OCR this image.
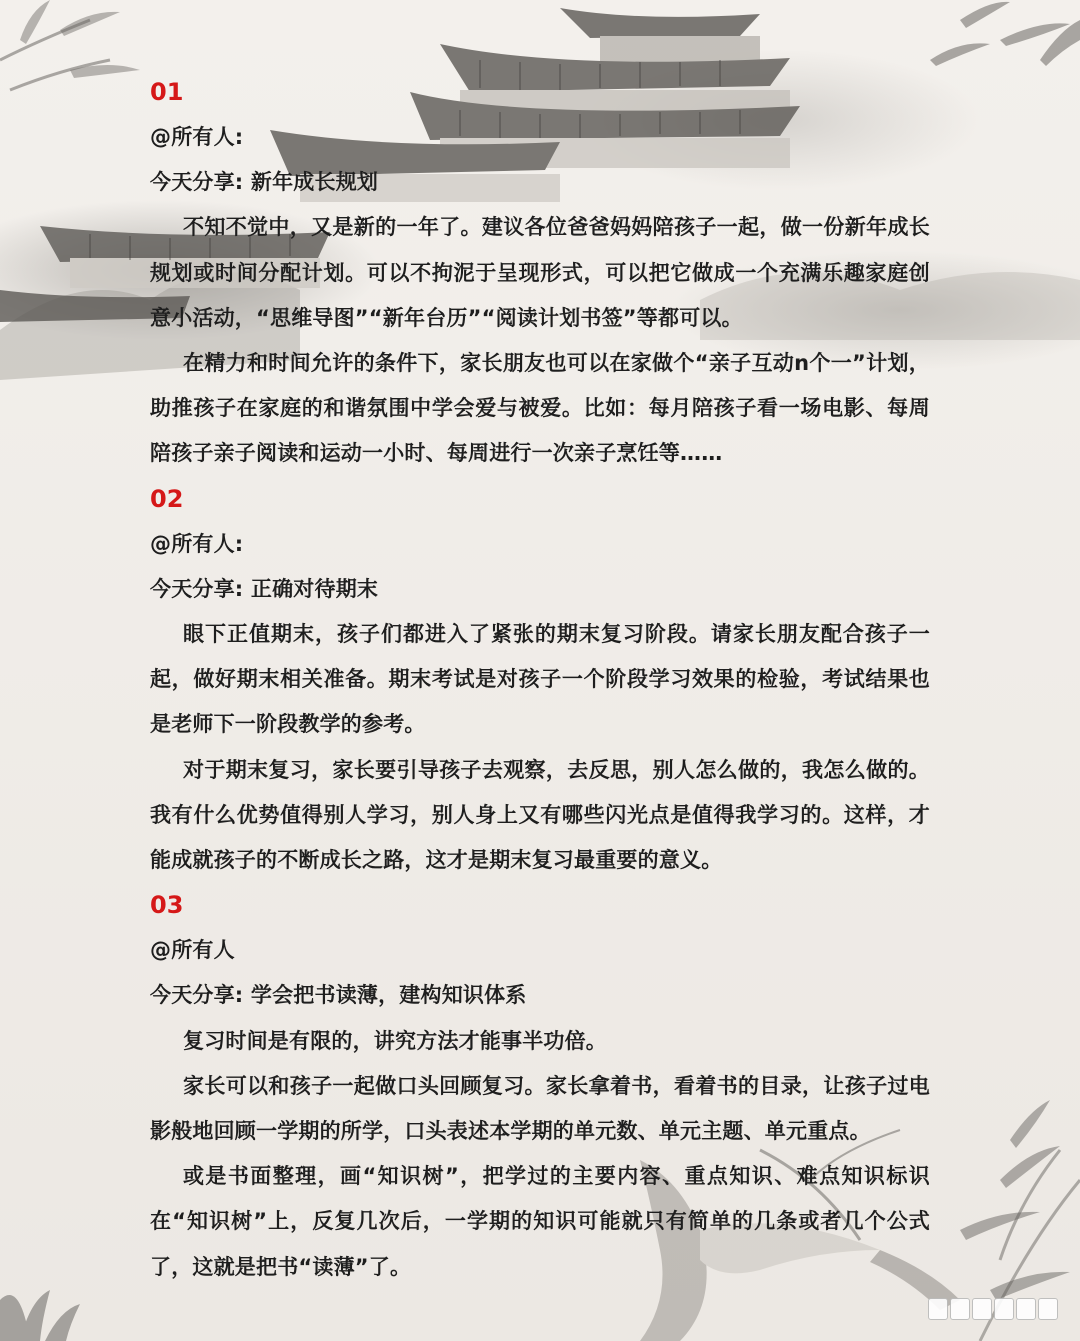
01
@所有人:
今天分享: 新年成长规划

不知不觉中，又是新的一年了。建议各位爸爸妈妈陪孩子一起，做一份新年成长规划或时间分配计划。可以不拘泥于呈现形式，可以把它做成一个充满乐趣家庭创意小活动，“思维导图”“新年台历”“阅读计划书签”等都可以。

在精力和时间允许的条件下，家长朋友也可以在家做个“亲子互动n个一”计划，助推孩子在家庭的和谐氛围中学会爱与被爱。比如：每月陪孩子看一场电影、每周陪孩子亲子阅读和运动一小时、每周进行一次亲子烹饪等……

02
@所有人:
今天分享: 正确对待期末

眼下正值期末，孩子们都进入了紧张的期末复习阶段。请家长朋友配合孩子一起，做好期末相关准备。期末考试是对孩子一个阶段学习效果的检验，考试结果也是老师下一阶段教学的参考。

对于期末复习，家长要引导孩子去观察，去反思，别人怎么做的，我怎么做的。我有什么优势值得别人学习，别人身上又有哪些闪光点是值得我学习的。这样，才能成就孩子的不断成长之路，这才是期末复习最重要的意义。

03
@所有人
今天分享: 学会把书读薄，建构知识体系

复习时间是有限的，讲究方法才能事半功倍。

家长可以和孩子一起做口头回顾复习。家长拿着书，看着书的目录，让孩子过电影般地回顾一学期的所学，口头表述本学期的单元数、单元主题、单元重点。

或是书面整理，画“知识树”，把学过的主要内容、重点知识、难点知识标识在“知识树”上，反复几次后，一学期的知识可能就只有简单的几条或者几个公式了，这就是把书“读薄”了。
